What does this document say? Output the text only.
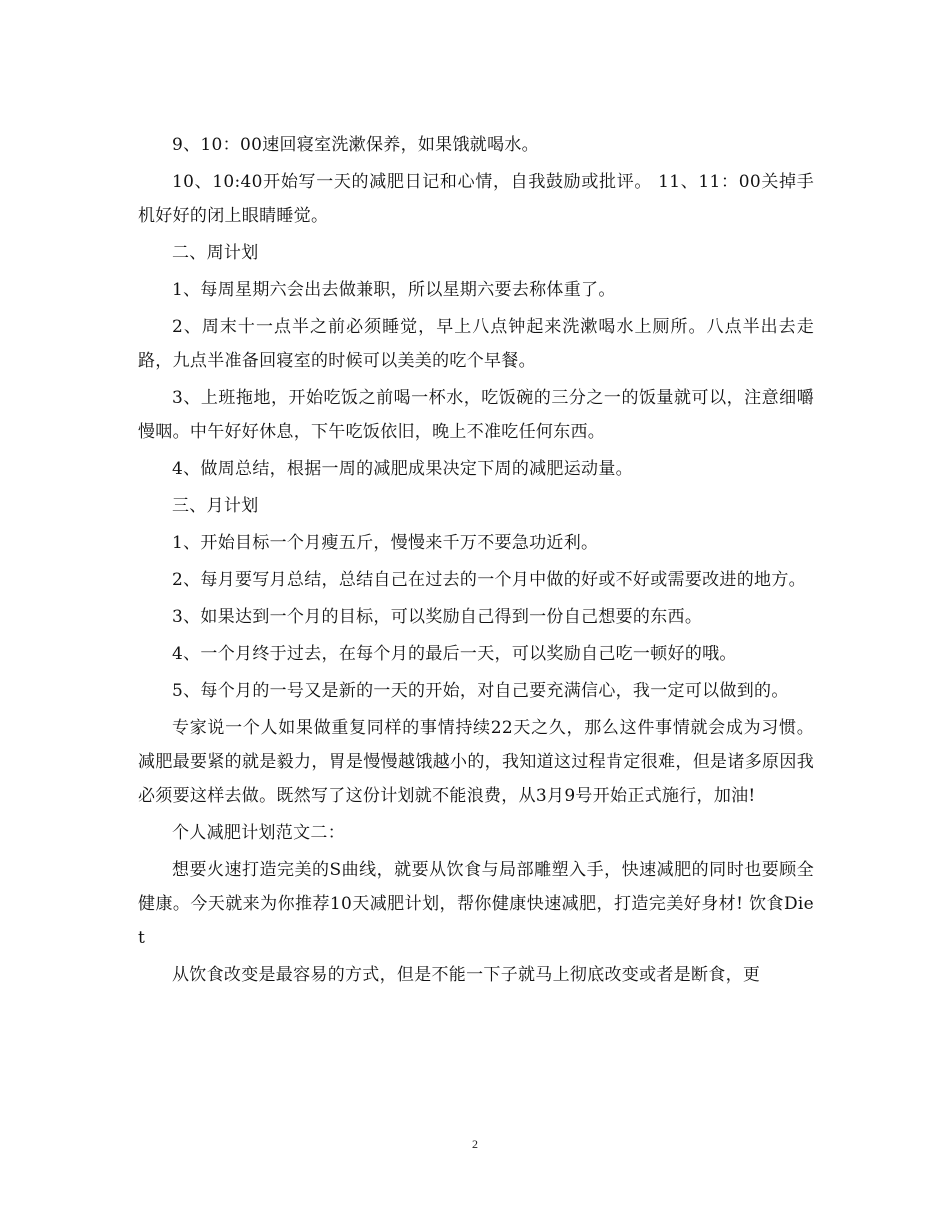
9、10：00速回寝室洗漱保养，如果饿就喝水。

10、10:40开始写一天的减肥日记和心情，自我鼓励或批评。 11、11：00关掉手机好好的闭上眼睛睡觉。

二、周计划

1、每周星期六会出去做兼职，所以星期六要去称体重了。

2、周末十一点半之前必须睡觉，早上八点钟起来洗漱喝水上厕所。八点半出去走路，九点半准备回寝室的时候可以美美的吃个早餐。

3、上班拖地，开始吃饭之前喝一杯水，吃饭碗的三分之一的饭量就可以，注意细嚼慢咽。中午好好休息，下午吃饭依旧，晚上不准吃任何东西。

4、做周总结，根据一周的减肥成果决定下周的减肥运动量。

三、月计划

1、开始目标一个月瘦五斤，慢慢来千万不要急功近利。

2、每月要写月总结，总结自己在过去的一个月中做的好或不好或需要改进的地方。

3、如果达到一个月的目标，可以奖励自己得到一份自己想要的东西。

4、一个月终于过去，在每个月的最后一天，可以奖励自己吃一顿好的哦。

5、每个月的一号又是新的一天的开始，对自己要充满信心，我一定可以做到的。

专家说一个人如果做重复同样的事情持续22天之久，那么这件事情就会成为习惯。减肥最要紧的就是毅力，胃是慢慢越饿越小的，我知道这过程肯定很难，但是诸多原因我必须要这样去做。既然写了这份计划就不能浪费，从3月9号开始正式施行，加油!

个人减肥计划范文二：

想要火速打造完美的S曲线，就要从饮食与局部雕塑入手，快速减肥的同时也要顾全健康。今天就来为你推荐10天减肥计划，帮你健康快速减肥，打造完美好身材! 饮食Diet

从饮食改变是最容易的方式，但是不能一下子就马上彻底改变或者是断食，更

2
